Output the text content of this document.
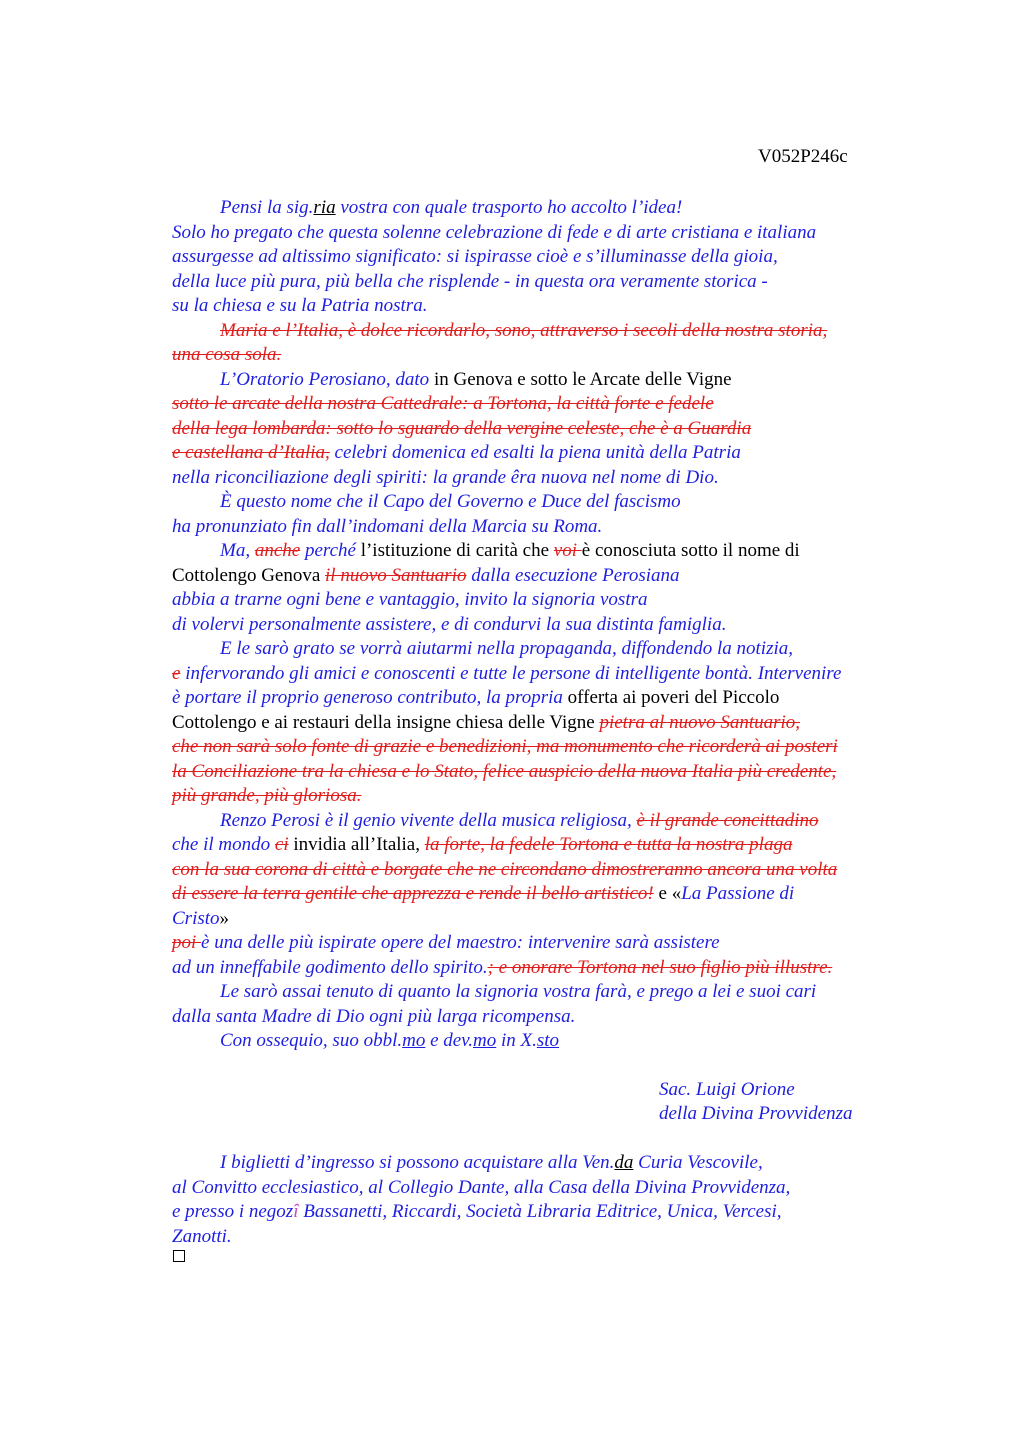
V052P246c
Pensi la sig.ria vostra con quale trasporto ho accolto l’idea!
Solo ho pregato che questa solenne celebrazione di fede e di arte cristiana e italiana
assurgesse ad altissimo significato: si ispirasse cioè e s’illuminasse della gioia,
della luce più pura, più bella che risplende - in questa ora veramente storica -
su la chiesa e su la Patria nostra.
Maria e l’Italia, è dolce ricordarlo, sono, attraverso i secoli della nostra storia,
una cosa sola.
L’Oratorio Perosiano, dato in Genova e sotto le Arcate delle Vigne
sotto le arcate della nostra Cattedrale: a Tortona, la città forte e fedele
della lega lombarda: sotto lo sguardo della vergine celeste, che è a Guardia
e castellana d’Italia, celebri domenica ed esalti la piena unità della Patria
nella riconciliazione degli spiriti: la grande êra nuova nel nome di Dio.
È questo nome che il Capo del Governo e Duce del fascismo
ha pronunziato fin dall’indomani della Marcia su Roma.
Ma, anche perché l’istituzione di carità che voi è conosciuta sotto il nome di
Cottolengo Genova il nuovo Santuario dalla esecuzione Perosiana
abbia a trarne ogni bene e vantaggio, invito la signoria vostra
di volervi personalmente assistere, e di condurvi la sua distinta famiglia.
E le sarò grato se vorrà aiutarmi nella propaganda, diffondendo la notizia,
e infervorando gli amici e conoscenti e tutte le persone di intelligente bontà. Intervenire
è portare il proprio generoso contributo, la propria offerta ai poveri del Piccolo
Cottolengo e ai restauri della insigne chiesa delle Vigne pietra al nuovo Santuario,
che non sarà solo fonte di grazie e benedizioni, ma monumento che ricorderà ai posteri
la Conciliazione tra la chiesa e lo Stato, felice auspicio della nuova Italia più credente,
più grande, più gloriosa.
Renzo Perosi è il genio vivente della musica religiosa, è il grande concittadino
che il mondo ci invidia all’Italia, la forte, la fedele Tortona e tutta la nostra plaga
con la sua corona di città e borgate che ne circondano dimostreranno ancora una volta
di essere la terra gentile che apprezza e rende il bello artistico! e «La Passione di
Cristo»
poi è una delle più ispirate opere del maestro: intervenire sarà assistere
ad un inneffabile godimento dello spirito.; e onorare Tortona nel suo figlio più illustre.
Le sarò assai tenuto di quanto la signoria vostra farà, e prego a lei e suoi cari
dalla santa Madre di Dio ogni più larga ricompensa.
Con ossequio, suo obbl.mo e dev.mo in X.sto
Sac. Luigi Orione
della Divina Provvidenza
I biglietti d’ingresso si possono acquistare alla Ven.da Curia Vescovile,
al Convitto ecclesiastico, al Collegio Dante, alla Casa della Divina Provvidenza,
e presso i negozî Bassanetti, Riccardi, Società Libraria Editrice, Unica, Vercesi,
Zanotti.
